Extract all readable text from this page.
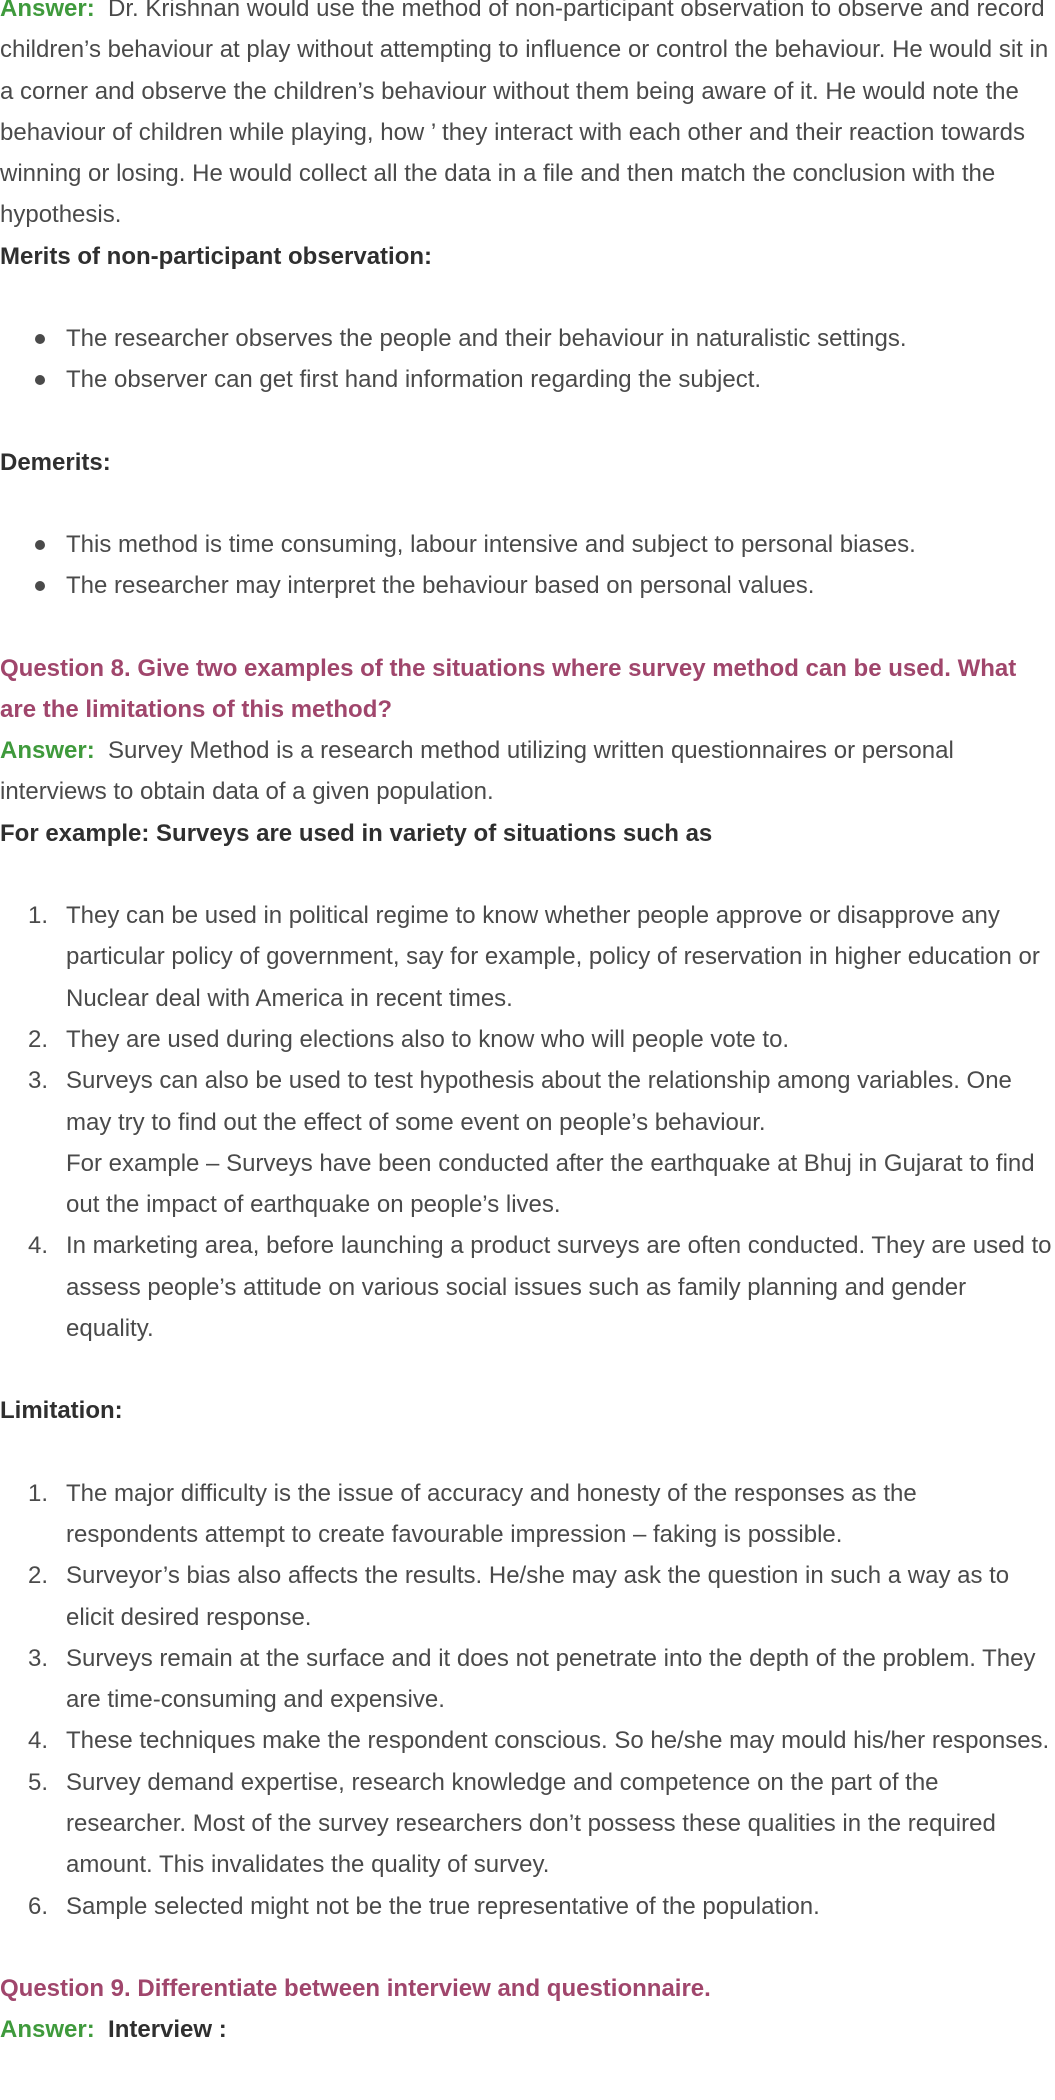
Answer: Dr. Krishnan would use the method of non-participant observation to observe and record children’s behaviour at play without attempting to influence or control the behaviour. He would sit in a corner and observe the children’s behaviour without them being aware of it. He would note the behaviour of children while playing, how ’ they interact with each other and their reaction towards winning or losing. He would collect all the data in a file and then match the conclusion with the hypothesis.

Merits of non-participant observation:

The researcher observes the people and their behaviour in naturalistic settings.
The observer can get first hand information regarding the subject.

Demerits:

This method is time consuming, labour intensive and subject to personal biases.
The researcher may interpret the behaviour based on personal values.

Question 8. Give two examples of the situations where survey method can be used. What are the limitations of this method?

Answer: Survey Method is a research method utilizing written questionnaires or personal interviews to obtain data of a given population.

For example: Surveys are used in variety of situations such as

1. They can be used in political regime to know whether people approve or disapprove any particular policy of government, say for example, policy of reservation in higher education or Nuclear deal with America in recent times.
2. They are used during elections also to know who will people vote to.
3. Surveys can also be used to test hypothesis about the relationship among variables. One may try to find out the effect of some event on people’s behaviour.
For example – Surveys have been conducted after the earthquake at Bhuj in Gujarat to find out the impact of earthquake on people’s lives.
4. In marketing area, before launching a product surveys are often conducted. They are used to assess people’s attitude on various social issues such as family planning and gender equality.

Limitation:

1. The major difficulty is the issue of accuracy and honesty of the responses as the respondents attempt to create favourable impression – faking is possible.
2. Surveyor’s bias also affects the results. He/she may ask the question in such a way as to elicit desired response.
3. Surveys remain at the surface and it does not penetrate into the depth of the problem. They are time-consuming and expensive.
4. These techniques make the respondent conscious. So he/she may mould his/her responses.
5. Survey demand expertise, research knowledge and competence on the part of the researcher. Most of the survey researchers don’t possess these qualities in the required amount. This invalidates the quality of survey.
6. Sample selected might not be the true representative of the population.

Question 9. Differentiate between interview and questionnaire.

Answer: Interview :
